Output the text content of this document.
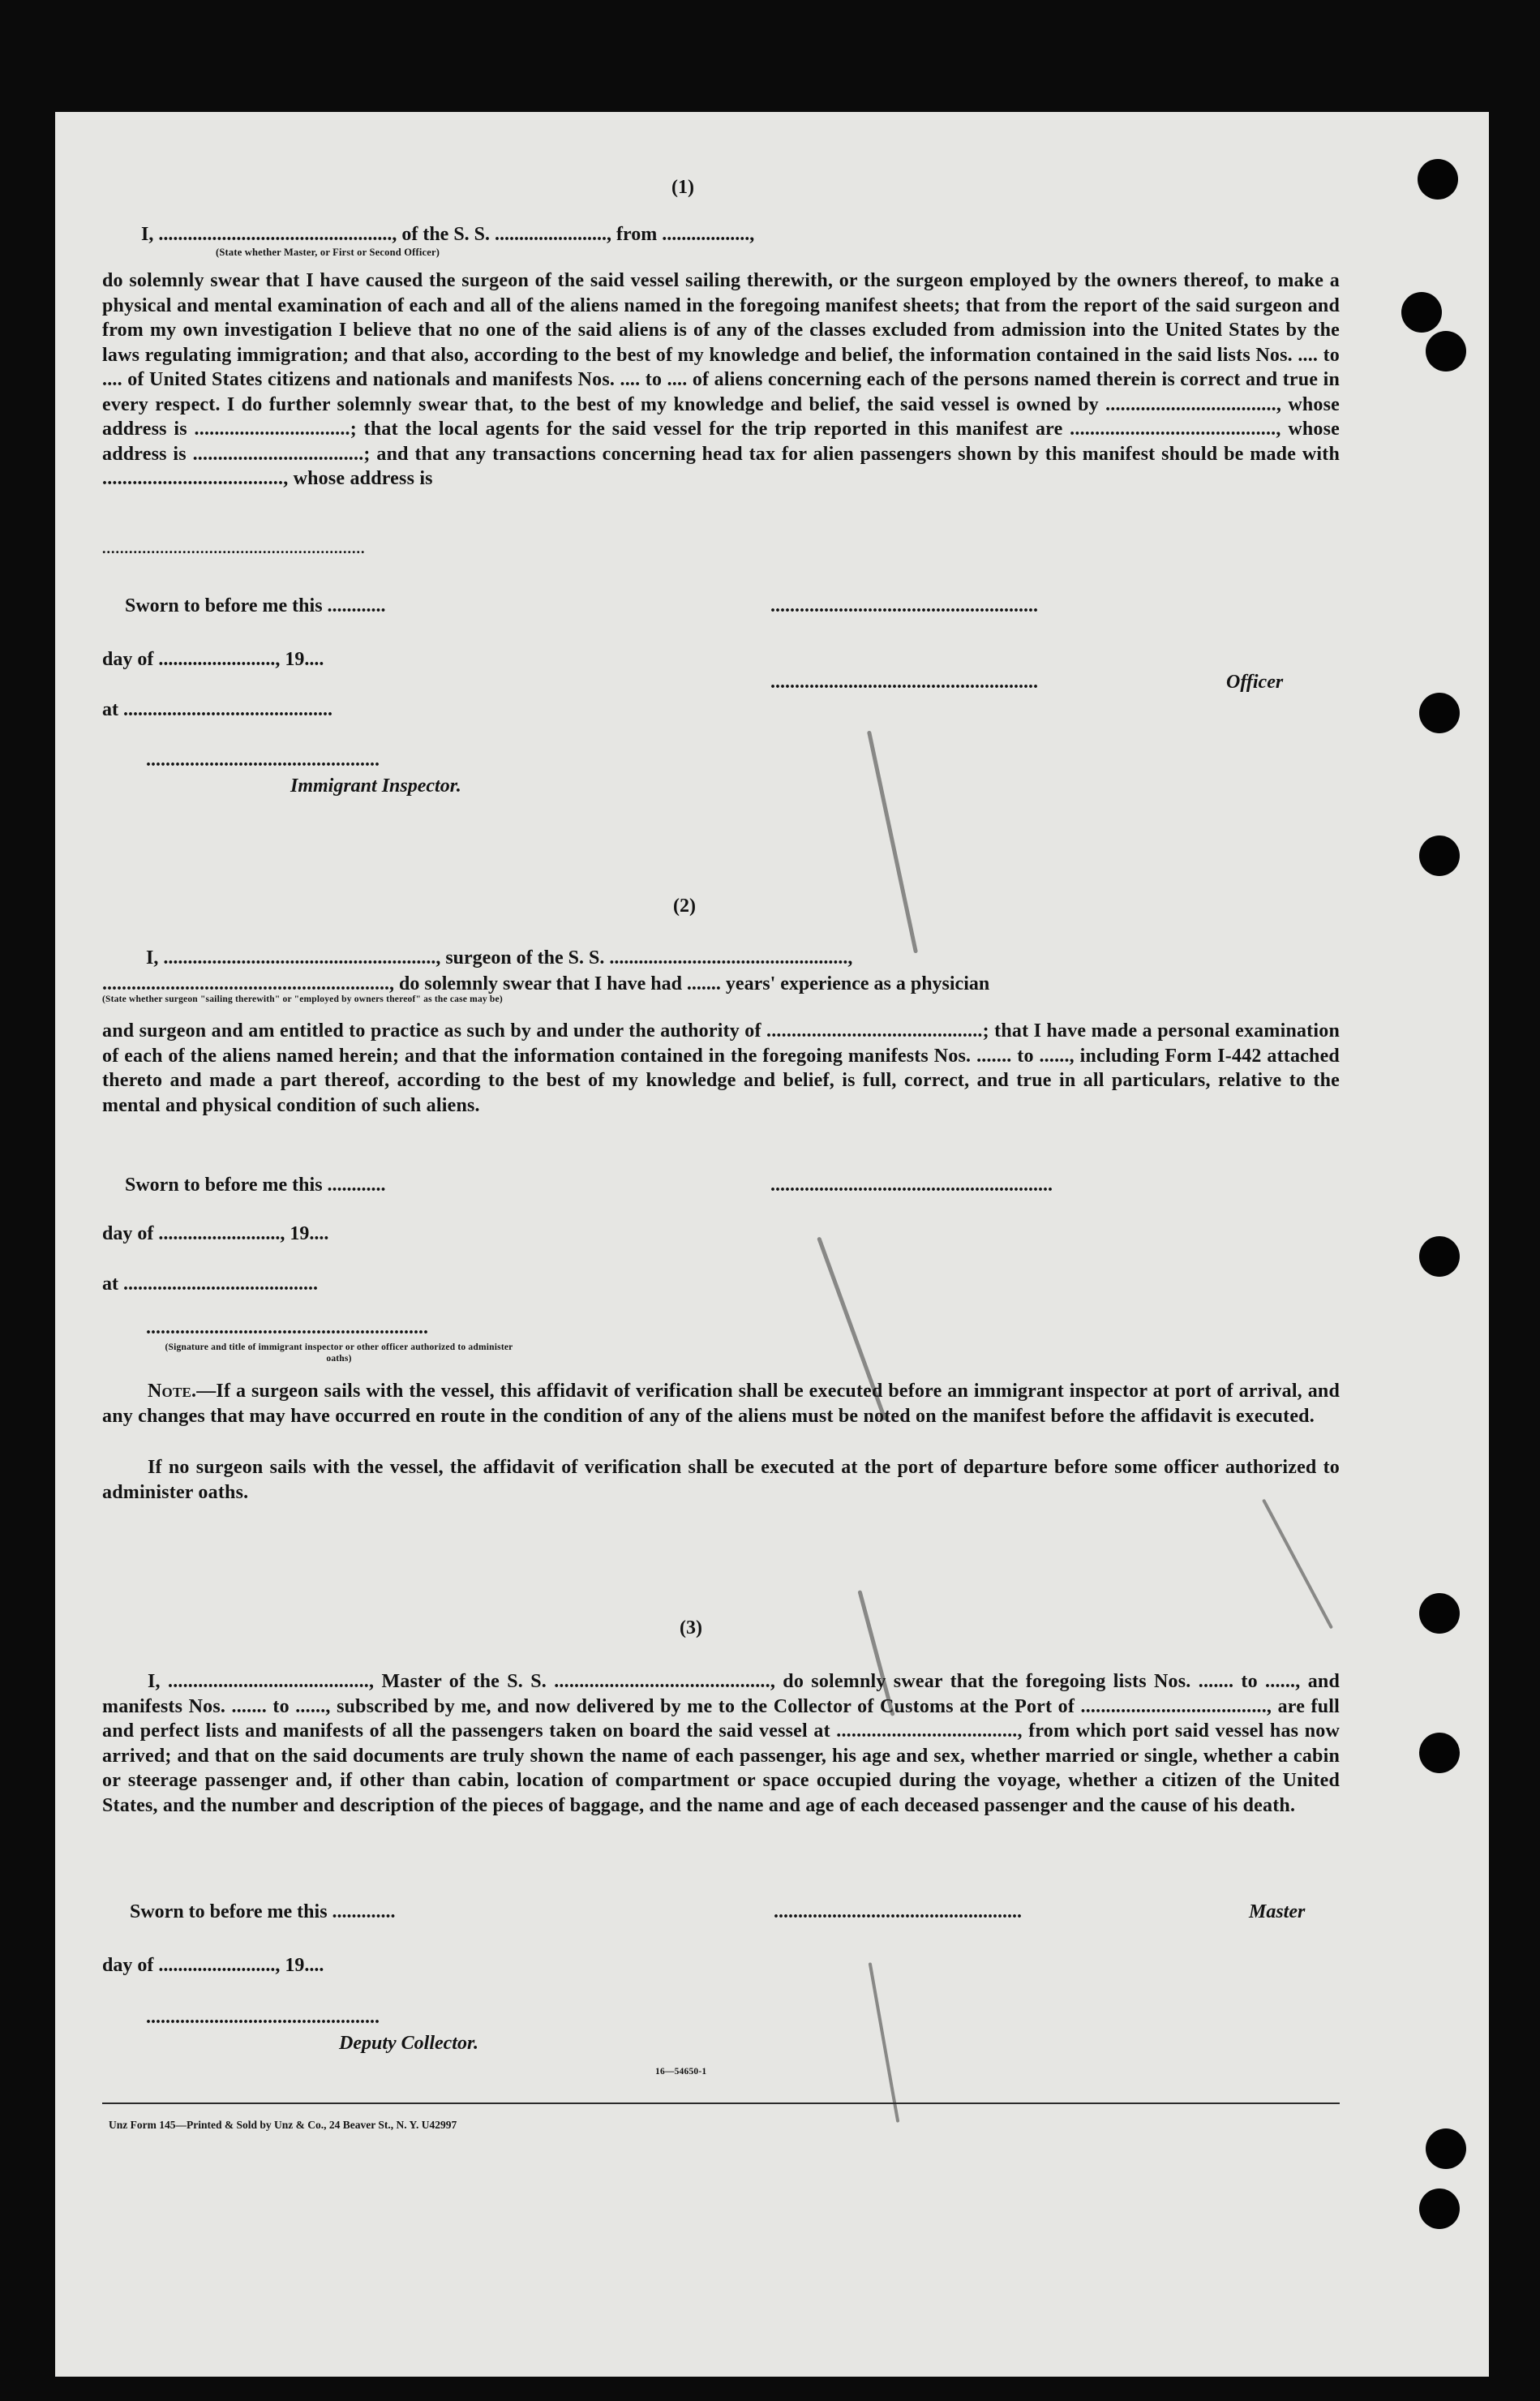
(1)
I, ................................................, of the S. S. ......................., from ..................,
(State whether Master, or First or Second Officer)
do solemnly swear that I have caused the surgeon of the said vessel sailing therewith, or the surgeon employed by the owners thereof, to make a physical and mental examination of each and all of the aliens named in the foregoing manifest sheets; that from the report of the said surgeon and from my own investigation I believe that no one of the said aliens is of any of the classes excluded from admission into the United States by the laws regulating immigration; and that also, according to the best of my knowledge and belief, the information contained in the said lists Nos. .... to .... of United States citizens and nationals and manifests Nos. .... to .... of aliens concerning each of the persons named therein is correct and true in every respect. I do further solemnly swear that, to the best of my knowledge and belief, the said vessel is owned by .................................., whose address is ...............................; that the local agents for the said vessel for the trip reported in this manifest are ........................................., whose address is ..................................; and that any transactions concerning head tax for alien passengers shown by this manifest should be made with ...................................., whose address is
...........................................................
Sworn to before me this ............	.......................................................
day of ........................, 19....
.......................................................	Officer
at ...........................................
................................................
Immigrant Inspector.
(2)
I, ........................................................, surgeon of the S. S. .................................................,
..........................................................., do solemnly swear that I have had ....... years' experience as a physician
(State whether surgeon "sailing therewith" or "employed by owners thereof" as the case may be)
and surgeon and am entitled to practice as such by and under the authority of ...........................................; that I have made a personal examination of each of the aliens named herein; and that the information contained in the foregoing manifests Nos. ....... to ......, including Form I-442 attached thereto and made a part thereof, according to the best of my knowledge and belief, is full, correct, and true in all particulars, relative to the mental and physical condition of such aliens.
Sworn to before me this ............	..........................................................
day of ........................., 19....
at ........................................
..........................................................
(Signature and title of immigrant inspector or other officer authorized to administer oaths)
Note.—If a surgeon sails with the vessel, this affidavit of verification shall be executed before an immigrant inspector at port of arrival, and any changes that may have occurred en route in the condition of any of the aliens must be noted on the manifest before the affidavit is executed.
If no surgeon sails with the vessel, the affidavit of verification shall be executed at the port of departure before some officer authorized to administer oaths.
(3)
I, ........................................, Master of the S. S. ..........................................., do solemnly swear that the foregoing lists Nos. ....... to ......, and manifests Nos. ....... to ......, subscribed by me, and now delivered by me to the Collector of Customs at the Port of ....................................., are full and perfect lists and manifests of all the passengers taken on board the said vessel at ...................................., from which port said vessel has now arrived; and that on the said documents are truly shown the name of each passenger, his age and sex, whether married or single, whether a cabin or steerage passenger and, if other than cabin, location of compartment or space occupied during the voyage, whether a citizen of the United States, and the number and description of the pieces of baggage, and the name and age of each deceased passenger and the cause of his death.
Sworn to before me this .............	...................................................	Master
day of ........................, 19....
................................................
Deputy Collector.
16—54650-1
Unz Form 145—Printed & Sold by Unz & Co., 24 Beaver St., N. Y. U42997
